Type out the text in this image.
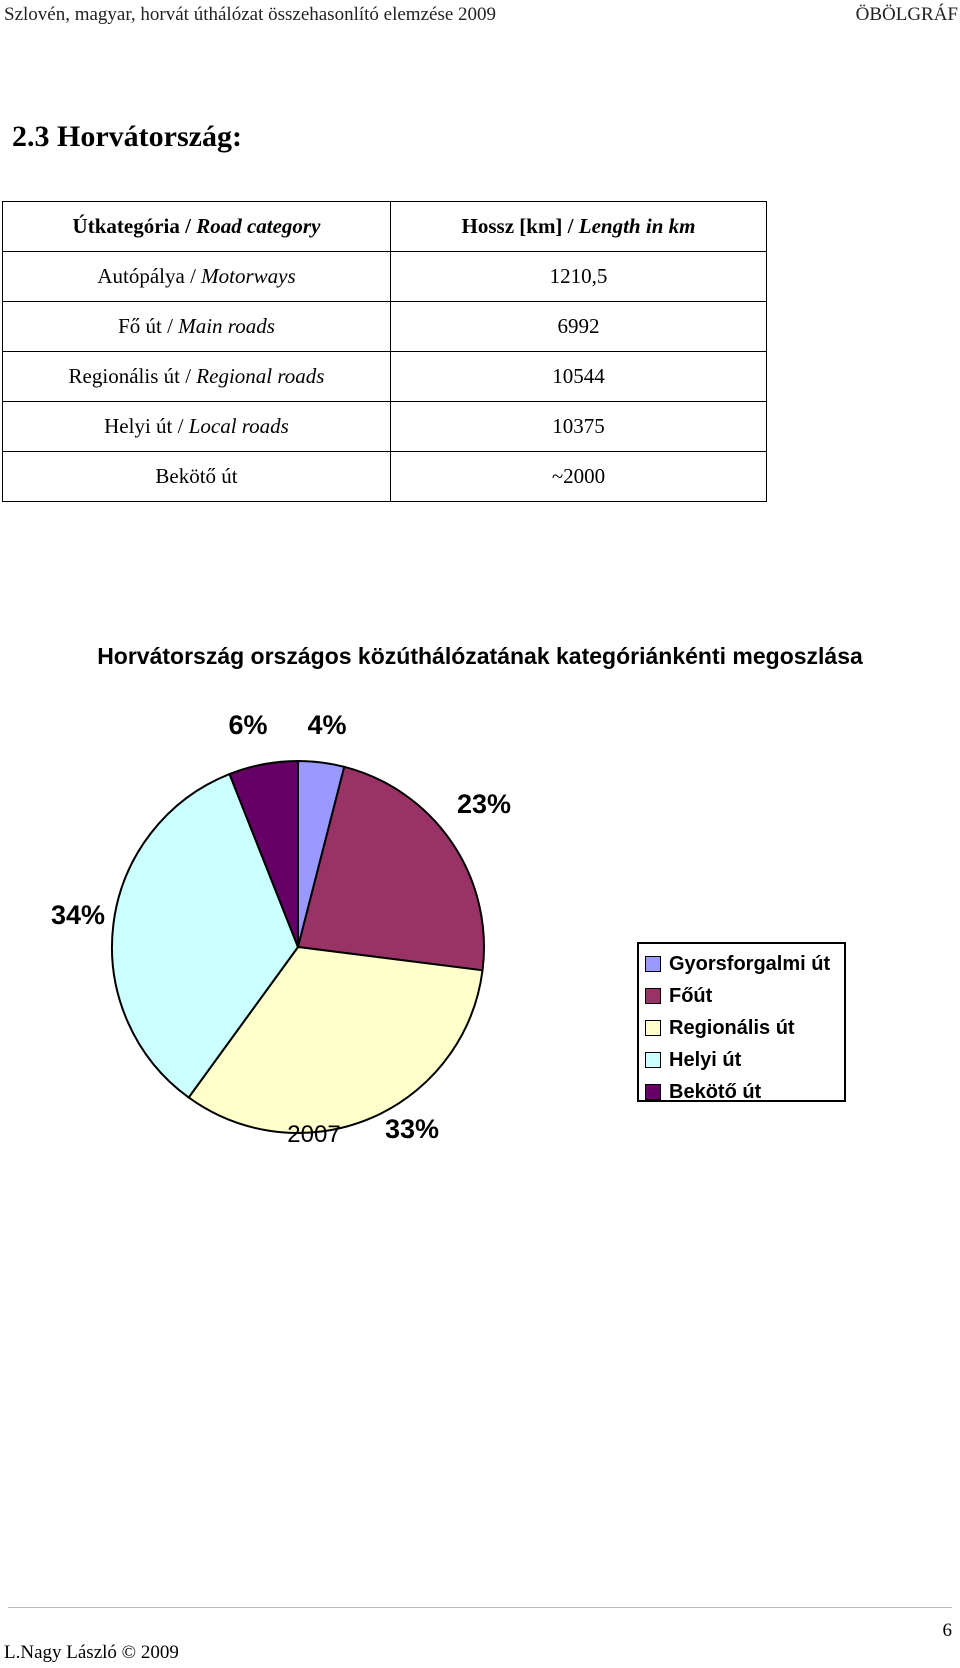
Szlovén, magyar, horvát úthálózat összehasonlító elemzése 2009	ÖBÖLGRÁF
2.3 Horvátország:
Útkategória / Road category	Hossz [km] / Length in km
Autópálya / Motorways	1210,5
Fő út / Main roads	6992
Regionális út / Regional roads	10544
Helyi út / Local roads	10375
Bekötő út	~2000
Horvátország országos közúthálózatának kategóriánkénti megoszlása
4%
23%
33%
34%
6%
2007
Gyorsforgalmi út
Főút
Regionális út
Helyi út
Bekötő út
L.Nagy László © 2009
6
